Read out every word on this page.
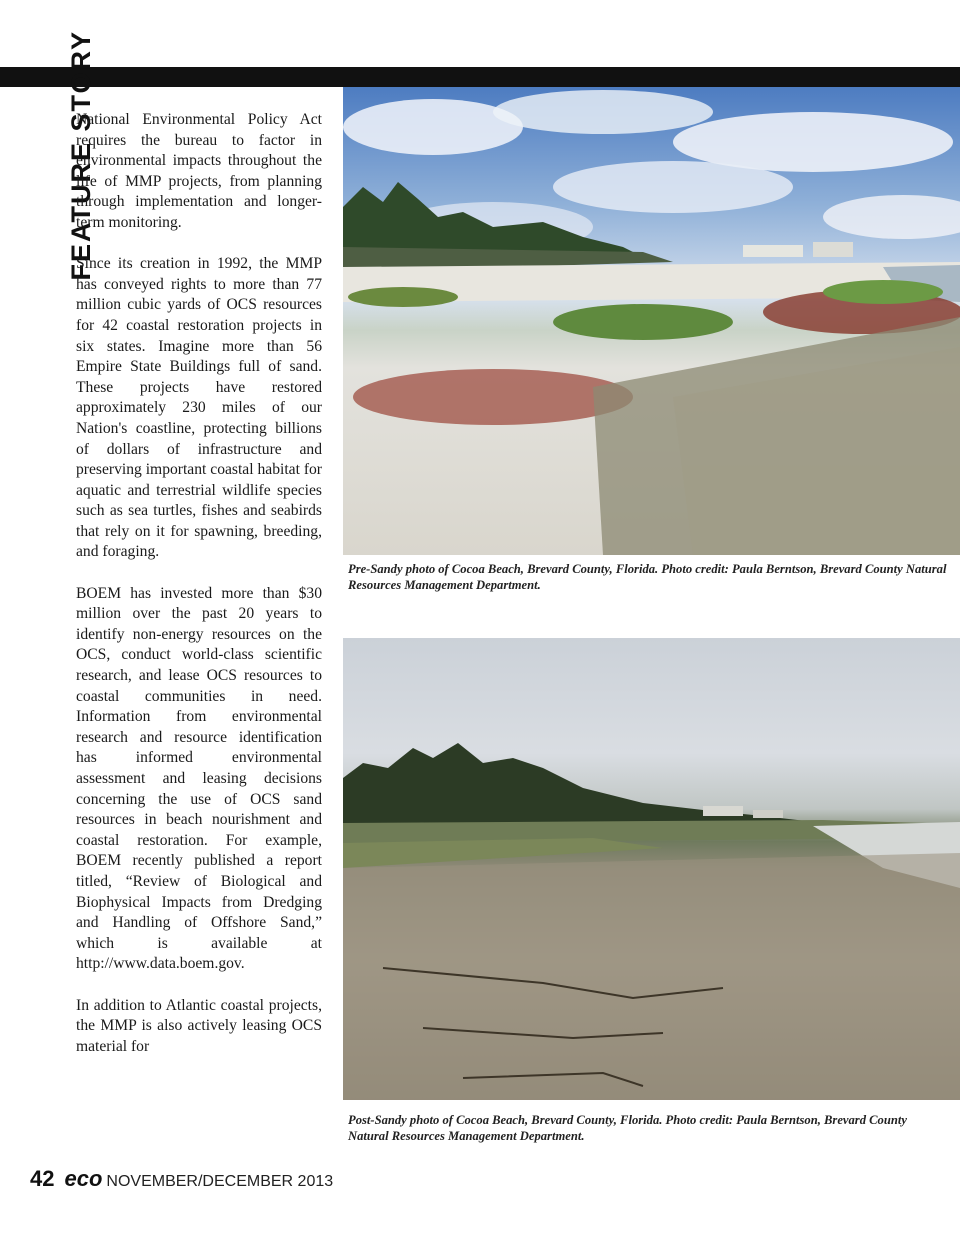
FEATURE STORY

National Environmental Policy Act requires the bureau to factor in environmental impacts throughout the life of MMP projects, from planning through implementation and longer-term monitoring.

Since its creation in 1992, the MMP has conveyed rights to more than 77 million cubic yards of OCS resources for 42 coastal restoration projects in six states. Imagine more than 56 Empire State Buildings full of sand. These projects have restored approximately 230 miles of our Nation's coastline, protecting billions of dollars of infrastructure and preserving important coastal habitat for aquatic and terrestrial wildlife species such as sea turtles, fishes and seabirds that rely on it for spawning, breeding, and foraging.

BOEM has invested more than $30 million over the past 20 years to identify non-energy resources on the OCS, conduct world-class scientific research, and lease OCS resources to coastal communities in need. Information from environmental research and resource identification has informed environmental assessment and leasing decisions concerning the use of OCS sand resources in beach nourishment and coastal restoration. For example, BOEM recently published a report titled, “Review of Biological and Biophysical Impacts from Dredging and Handling of Offshore Sand,” which is available at http://www.data.boem.gov.

In addition to Atlantic coastal projects, the MMP is also actively leasing OCS material for

Pre-Sandy photo of Cocoa Beach, Brevard County, Florida. Photo credit: Paula Berntson, Brevard County Natural Resources Management Department.
Post-Sandy photo of Cocoa Beach, Brevard County, Florida. Photo credit: Paula Berntson, Brevard County Natural Resources Management Department.
42 eco NOVEMBER/DECEMBER 2013
